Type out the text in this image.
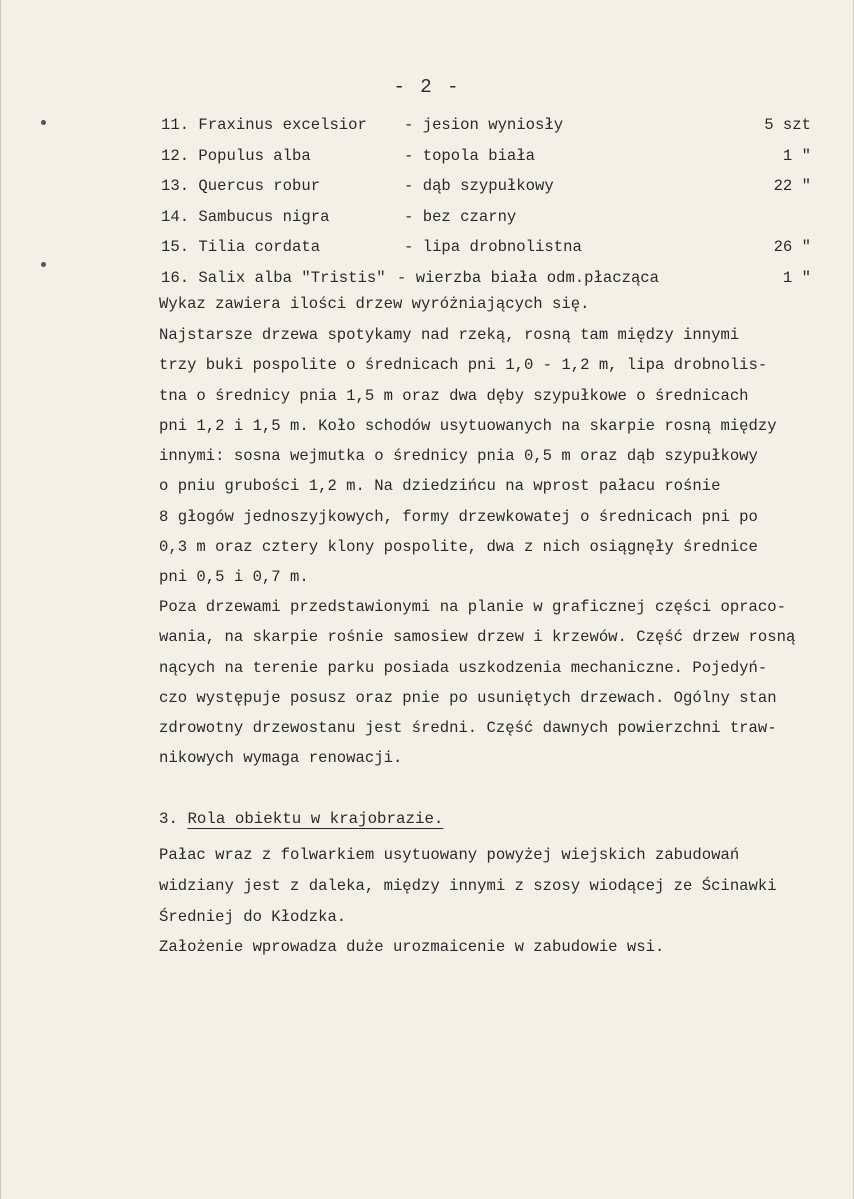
- 2 -
11. Fraxinus excelsior - jesion wyniosły	5 szt
12. Populus alba	- topola biała	1 "
13. Quercus robur	- dąb szypułkowy	22 "
14. Sambucus nigra	- bez czarny
15. Tilia cordata	- lipa drobnolistna	26 "
16. Salix alba "Tristis" - wierzba biała odm.płacząca	1 "
Wykaz zawiera ilości drzew wyróżniających się.
Najstarsze drzewa spotykamy nad rzeką, rosną tam między innymi
trzy buki pospolite o średnicach pni 1,0 - 1,2 m, lipa drobnolis-
tna o średnicy pnia 1,5 m oraz dwa dęby szypułkowe o średnicach
pni 1,2 i 1,5 m. Koło schodów usytuowanych na skarpie rosną między
innymi: sosna wejmutka o średnicy pnia 0,5 m oraz dąb szypułkowy
o pniu grubości 1,2 m. Na dziedzińcu na wprost pałacu rośnie
8 głogów jednoszyjkowych, formy drzewkowatej o średnicach pni po
0,3 m oraz cztery klony pospolite, dwa z nich osiągnęły średnice
pni 0,5 i 0,7 m.
Poza drzewami przedstawionymi na planie w graficznej części opraco-
wania, na skarpie rośnie samosiew drzew i krzewów. Część drzew rosną
nących na terenie parku posiada uszkodzenia mechaniczne. Pojedyń-
czo występuje posusz oraz pnie po usuniętych drzewach. Ogólny stan
zdrowotny drzewostanu jest średni. Część dawnych powierzchni traw-
nikowych wymaga renowacji.
3. Rola obiektu w krajobrazie.
Pałac wraz z folwarkiem usytuowany powyżej wiejskich zabudowań
widziany jest z daleka, między innymi z szosy wiodącej ze Ścinawki
Średniej do Kłodzka.
Założenie wprowadza duże urozmaicenie w zabudowie wsi.
